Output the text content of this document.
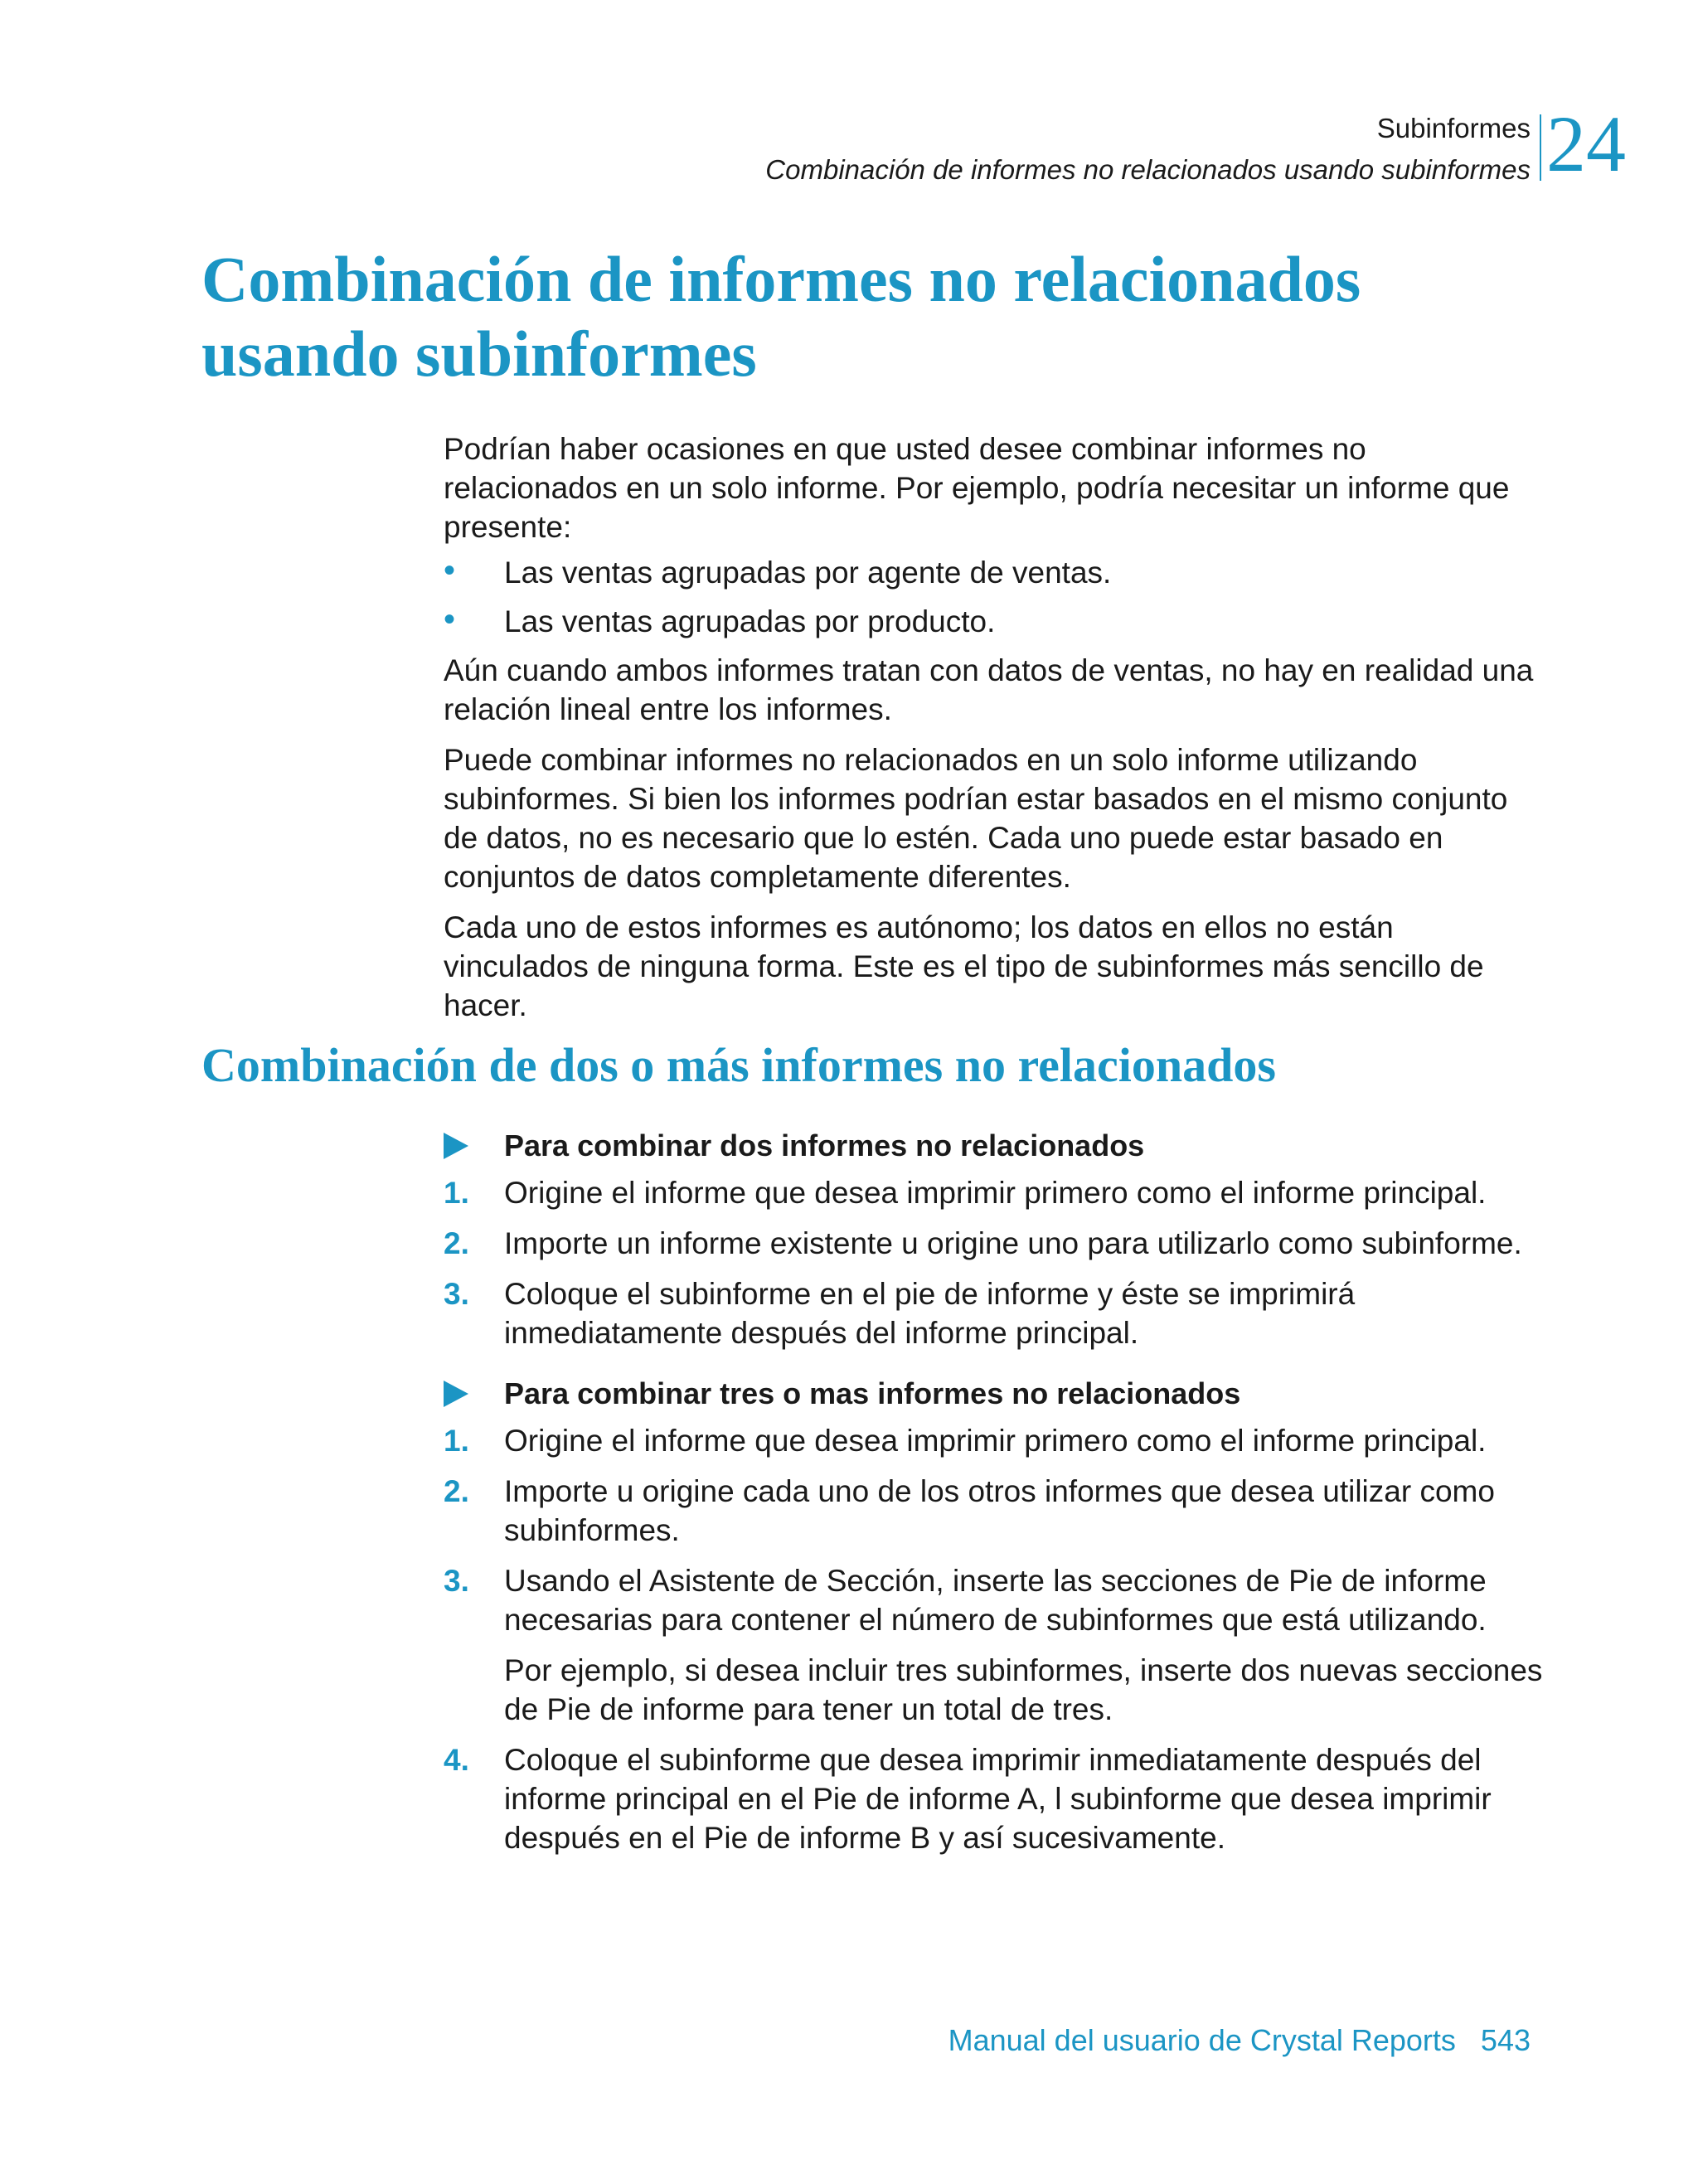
Subinformes
Combinación de informes no relacionados usando subinformes 24
Combinación de informes no relacionados usando subinformes

Podrían haber ocasiones en que usted desee combinar informes no relacionados en un solo informe. Por ejemplo, podría necesitar un informe que presente:

• Las ventas agrupadas por agente de ventas.
• Las ventas agrupadas por producto.

Aún cuando ambos informes tratan con datos de ventas, no hay en realidad una relación lineal entre los informes.

Puede combinar informes no relacionados en un solo informe utilizando subinformes. Si bien los informes podrían estar basados en el mismo conjunto de datos, no es necesario que lo estén. Cada uno puede estar basado en conjuntos de datos completamente diferentes.

Cada uno de estos informes es autónomo; los datos en ellos no están vinculados de ninguna forma. Este es el tipo de subinformes más sencillo de hacer.

Combinación de dos o más informes no relacionados
Para combinar dos informes no relacionados
1. Origine el informe que desea imprimir primero como el informe principal.
2. Importe un informe existente u origine uno para utilizarlo como subinforme.
3. Coloque el subinforme en el pie de informe y éste se imprimirá inmediatamente después del informe principal.
Para combinar tres o mas informes no relacionados
1. Origine el informe que desea imprimir primero como el informe principal.
2. Importe u origine cada uno de los otros informes que desea utilizar como subinformes.
3. Usando el Asistente de Sección, inserte las secciones de Pie de informe necesarias para contener el número de subinformes que está utilizando.
Por ejemplo, si desea incluir tres subinformes, inserte dos nuevas secciones de Pie de informe para tener un total de tres.
4. Coloque el subinforme que desea imprimir inmediatamente después del informe principal en el Pie de informe A, l subinforme que desea imprimir después en el Pie de informe B y así sucesivamente.
Manual del usuario de Crystal Reports 543
